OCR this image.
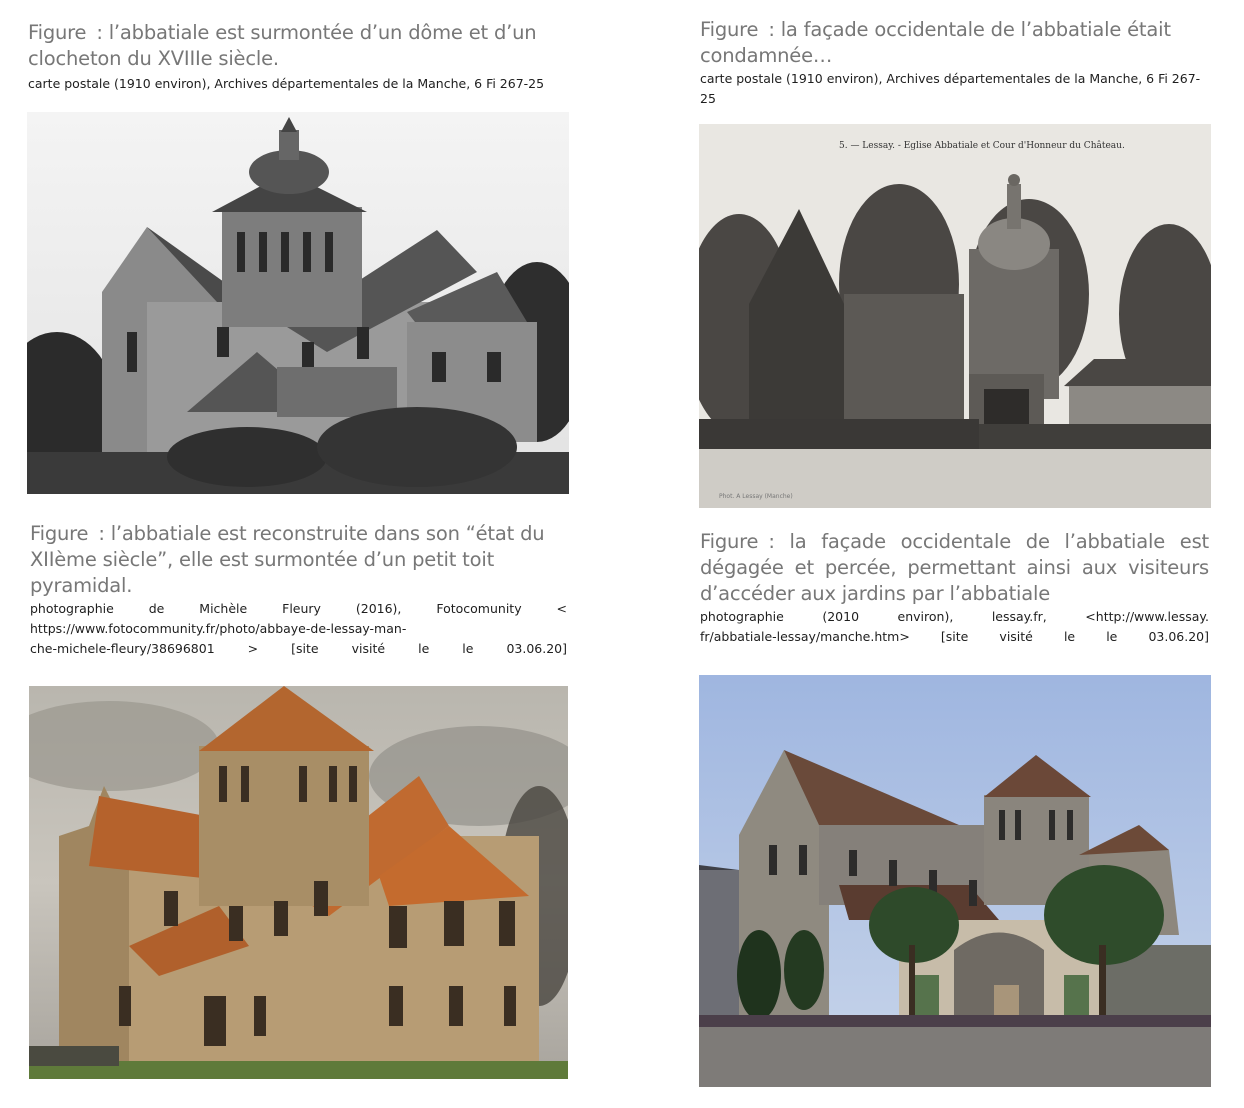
Figure : l’abbatiale est surmontée d’un dôme et d’un clocheton du XVIIIe siècle.
carte postale (1910 environ), Archives départementales de la Manche, 6 Fi 267-25
Figure : la façade occidentale de l’abbatiale était condamnée…
carte postale (1910 environ), Archives départementales de la Manche, 6 Fi 267-25
5. — Lessay. - Eglise Abbatiale et Cour d'Honneur du Château.
Phot. A Lessay (Manche)
Figure : l’abbatiale est reconstruite dans son “état du XIIème siècle”, elle est surmontée d’un petit toit pyramidal.
photographie de Michèle Fleury (2016), Fotocomunity <
https://www.fotocommunity.fr/photo/abbaye-de-lessay-man-
che-michele-fleury/38696801 > [site visité le le 03.06.20]
Figure : la façade occidentale de l’abbatiale est dégagée et percée, permettant ainsi aux visiteurs d’accéder aux jardins par l’abbatiale
photographie (2010 environ), lessay.fr, <http://www.lessay.
fr/abbatiale-lessay/manche.htm> [site visité le le 03.06.20]
